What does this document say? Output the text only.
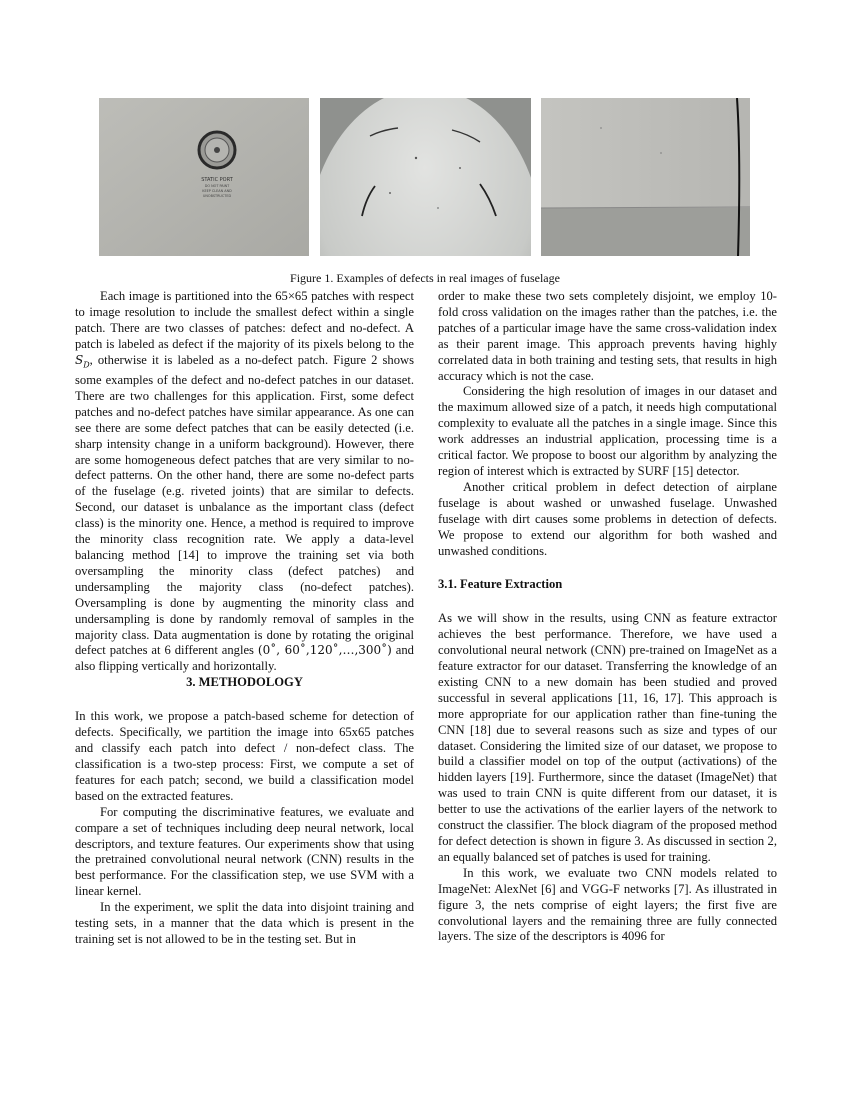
STATIC PORT
DO NOT PAINT
KEEP CLEAN AND
UNOBSTRUCTED
Figure 1. Examples of defects in real images of fuselage

Each image is partitioned into the 65×65 patches with respect to image resolution to include the smallest defect within a single patch. There are two classes of patches: defect and no-defect. A patch is labeled as defect if the majority of its pixels belong to the $S_D$, otherwise it is labeled as a no-defect patch. Figure 2 shows some examples of the defect and no-defect patches in our dataset. There are two challenges for this application. First, some defect patches and no-defect patches have similar appearance. As one can see there are some defect patches that can be easily detected (i.e. sharp intensity change in a uniform background). However, there are some homogeneous defect patches that are very similar to no-defect patterns. On the other hand, there are some no-defect parts of the fuselage (e.g. riveted joints) that are similar to defects. Second, our dataset is unbalance as the important class (defect class) is the minority one. Hence, a method is required to improve the minority class recognition rate. We apply a data-level balancing method [14] to improve the training set via both oversampling the minority class (defect patches) and undersampling the majority class (no-defect patches). Oversampling is done by augmenting the minority class and undersampling is done by randomly removal of samples in the majority class. Data augmentation is done by rotating the original defect patches at 6 different angles (0˚, 60˚,120˚,…,300˚) and also flipping vertically and horizontally.

3. METHODOLOGY

In this work, we propose a patch-based scheme for detection of defects. Specifically, we partition the image into 65x65 patches and classify each patch into defect / non-defect class. The classification is a two-step process: First, we compute a set of features for each patch; second, we build a classification model based on the extracted features.

For computing the discriminative features, we evaluate and compare a set of techniques including deep neural network, local descriptors, and texture features. Our experiments show that using the pretrained convolutional neural network (CNN) results in the best performance. For the classification step, we use SVM with a linear kernel.

In the experiment, we split the data into disjoint training and testing sets, in a manner that the data which is present in the training set is not allowed to be in the testing set. But in

order to make these two sets completely disjoint, we employ 10-fold cross validation on the images rather than the patches, i.e. the patches of a particular image have the same cross-validation index as their parent image. This approach prevents having highly correlated data in both training and testing sets, that results in high accuracy which is not the case.

Considering the high resolution of images in our dataset and the maximum allowed size of a patch, it needs high computational complexity to evaluate all the patches in a single image. Since this work addresses an industrial application, processing time is a critical factor. We propose to boost our algorithm by analyzing the region of interest which is extracted by SURF [15] detector.

Another critical problem in defect detection of airplane fuselage is about washed or unwashed fuselage. Unwashed fuselage with dirt causes some problems in detection of defects. We propose to extend our algorithm for both washed and unwashed conditions.

3.1. Feature Extraction

As we will show in the results, using CNN as feature extractor achieves the best performance. Therefore, we have used a convolutional neural network (CNN) pre-trained on ImageNet as a feature extractor for our dataset. Transferring the knowledge of an existing CNN to a new domain has been studied and proved successful in several applications [11, 16, 17]. This approach is more appropriate for our application rather than fine-tuning the CNN [18] due to several reasons such as size and types of our dataset. Considering the limited size of our dataset, we propose to build a classifier model on top of the output (activations) of the hidden layers [19]. Furthermore, since the dataset (ImageNet) that was used to train CNN is quite different from our dataset, it is better to use the activations of the earlier layers of the network to construct the classifier. The block diagram of the proposed method for defect detection is shown in figure 3. As discussed in section 2, an equally balanced set of patches is used for training.

In this work, we evaluate two CNN models related to ImageNet: AlexNet [6] and VGG-F networks [7]. As illustrated in figure 3, the nets comprise of eight layers; the first five are convolutional layers and the remaining three are fully connected layers. The size of the descriptors is 4096 for
